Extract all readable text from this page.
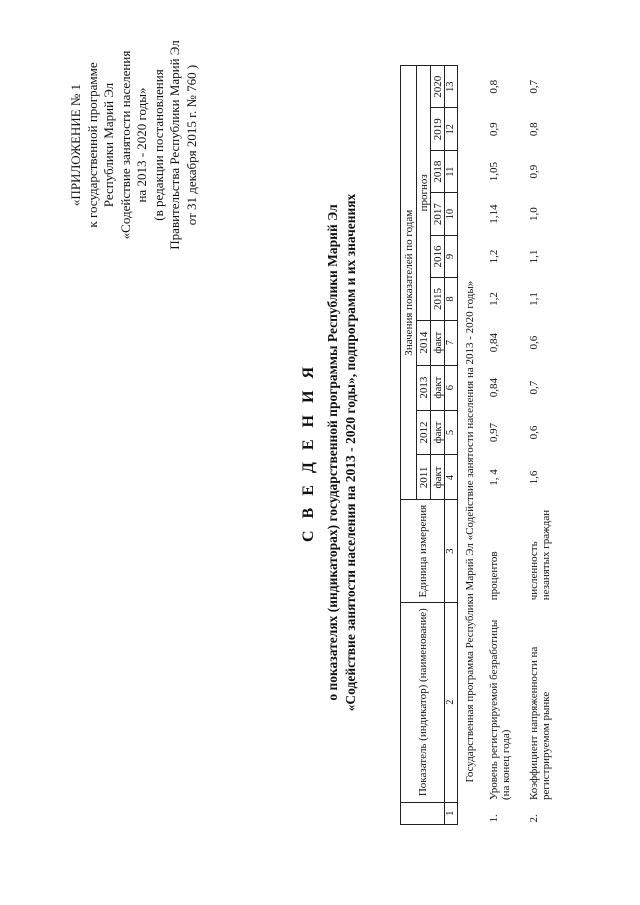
«ПРИЛОЖЕНИЕ № 1 к государственной программе Республики Марий Эл «Содействие занятости населения на 2013 - 2020 годы» (в редакции постановления Правительства Республики Марий Эл от 31 декабря 2015 г. № 760 )
С В Е Д Е Н И Я о показателях (индикаторах) государственной программы Республики Марий Эл «Содействие занятости населения на 2013 - 2020 годы», подпрограмм и их значениях
		Показатель (индикатор) (наименование)	Единица измерения	Значения показателей по годам									
			2011	2012	2013	2014	прогноз					
			факт	факт	факт	факт	2015	2016	2017	2018	2019	2020

1	2	3	4	5	6	7	8	9	10	11	12	13
Государственная программа Республики Марий Эл «Содействие занятости населения на 2013 - 2020 годы»												
1.	Уровень регистрируемой безработицы (на конец года)	процентов	1, 4	0,97	0,84	0,84	1,2	1,2	1,14	1,05	0,9	0,8
2.	Коэффициент напряженности на регистрируемом рынке	численность незанятых граждан	1,6	0,6	0,7	0,6	1,1	1,1	1,0	0,9	0,8	0,7
